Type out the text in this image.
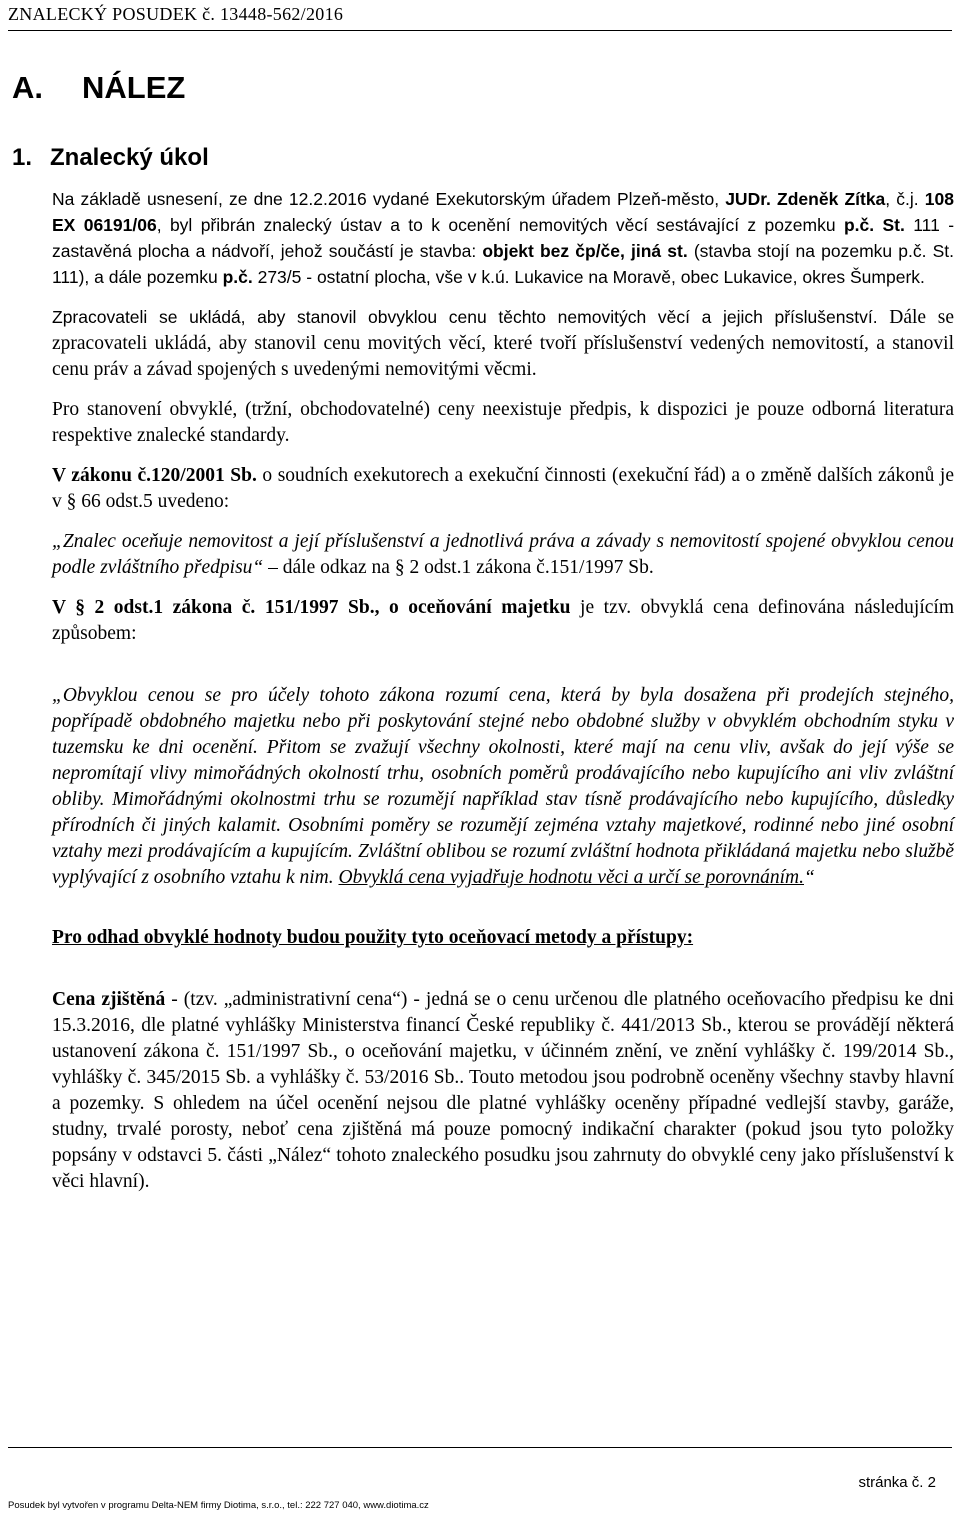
ZNALECKÝ POSUDEK č. 13448-562/2016
A. NÁLEZ
1. Znalecký úkol

Na základě usnesení, ze dne 12.2.2016 vydané Exekutorským úřadem Plzeň-město, JUDr. Zdeněk Zítka, č.j. 108 EX 06191/06, byl přibrán znalecký ústav a to k ocenění nemovitých věcí sestávající z pozemku p.č. St. 111 - zastavěná plocha a nádvoří, jehož součástí je stavba: objekt bez čp/če, jiná st. (stavba stojí na pozemku p.č. St. 111), a dále pozemku p.č. 273/5 - ostatní plocha, vše v k.ú. Lukavice na Moravě, obec Lukavice, okres Šumperk.

Zpracovateli se ukládá, aby stanovil obvyklou cenu těchto nemovitých věcí a jejich příslušenství. Dále se zpracovateli ukládá, aby stanovil cenu movitých věcí, které tvoří příslušenství vedených nemovitostí, a stanovil cenu práv a závad spojených s uvedenými nemovitými věcmi.

Pro stanovení obvyklé, (tržní, obchodovatelné) ceny neexistuje předpis, k dispozici je pouze odborná literatura respektive znalecké standardy.

V zákonu č.120/2001 Sb. o soudních exekutorech a exekuční činnosti (exekuční řád) a o změně dalších zákonů je v § 66 odst.5 uvedeno:

„Znalec oceňuje nemovitost a její příslušenství a jednotlivá práva a závady s nemovitostí spojené obvyklou cenou podle zvláštního předpisu“ – dále odkaz na § 2 odst.1 zákona č.151/1997 Sb.

V § 2 odst.1 zákona č. 151/1997 Sb., o oceňování majetku je tzv. obvyklá cena definována následujícím způsobem:

„Obvyklou cenou se pro účely tohoto zákona rozumí cena, která by byla dosažena při prodejích stejného, popřípadě obdobného majetku nebo při poskytování stejné nebo obdobné služby v obvyklém obchodním styku v tuzemsku ke dni ocenění. Přitom se zvažují všechny okolnosti, které mají na cenu vliv, avšak do její výše se nepromítají vlivy mimořádných okolností trhu, osobních poměrů prodávajícího nebo kupujícího ani vliv zvláštní obliby. Mimořádnými okolnostmi trhu se rozumějí například stav tísně prodávajícího nebo kupujícího, důsledky přírodních či jiných kalamit. Osobními poměry se rozumějí zejména vztahy majetkové, rodinné nebo jiné osobní vztahy mezi prodávajícím a kupujícím. Zvláštní oblibou se rozumí zvláštní hodnota přikládaná majetku nebo službě vyplývající z osobního vztahu k nim. Obvyklá cena vyjadřuje hodnotu věci a určí se porovnáním.“

Pro odhad obvyklé hodnoty budou použity tyto oceňovací metody a přístupy:

Cena zjištěná - (tzv. „administrativní cena“) - jedná se o cenu určenou dle platného oceňovacího předpisu ke dni 15.3.2016, dle platné vyhlášky Ministerstva financí České republiky č. 441/2013 Sb., kterou se provádějí některá ustanovení zákona č. 151/1997 Sb., o oceňování majetku, v účinném znění, ve znění vyhlášky č. 199/2014 Sb., vyhlášky č. 345/2015 Sb. a vyhlášky č. 53/2016 Sb.. Touto metodou jsou podrobně oceněny všechny stavby hlavní a pozemky. S ohledem na účel ocenění nejsou dle platné vyhlášky oceněny případné vedlejší stavby, garáže, studny, trvalé porosty, neboť cena zjištěná má pouze pomocný indikační charakter (pokud jsou tyto položky popsány v odstavci 5. části „Nález“ tohoto znaleckého posudku jsou zahrnuty do obvyklé ceny jako příslušenství k věci hlavní).

stránka č. 2
Posudek byl vytvořen v programu Delta-NEM firmy Diotima, s.r.o., tel.: 222 727 040, www.diotima.cz
